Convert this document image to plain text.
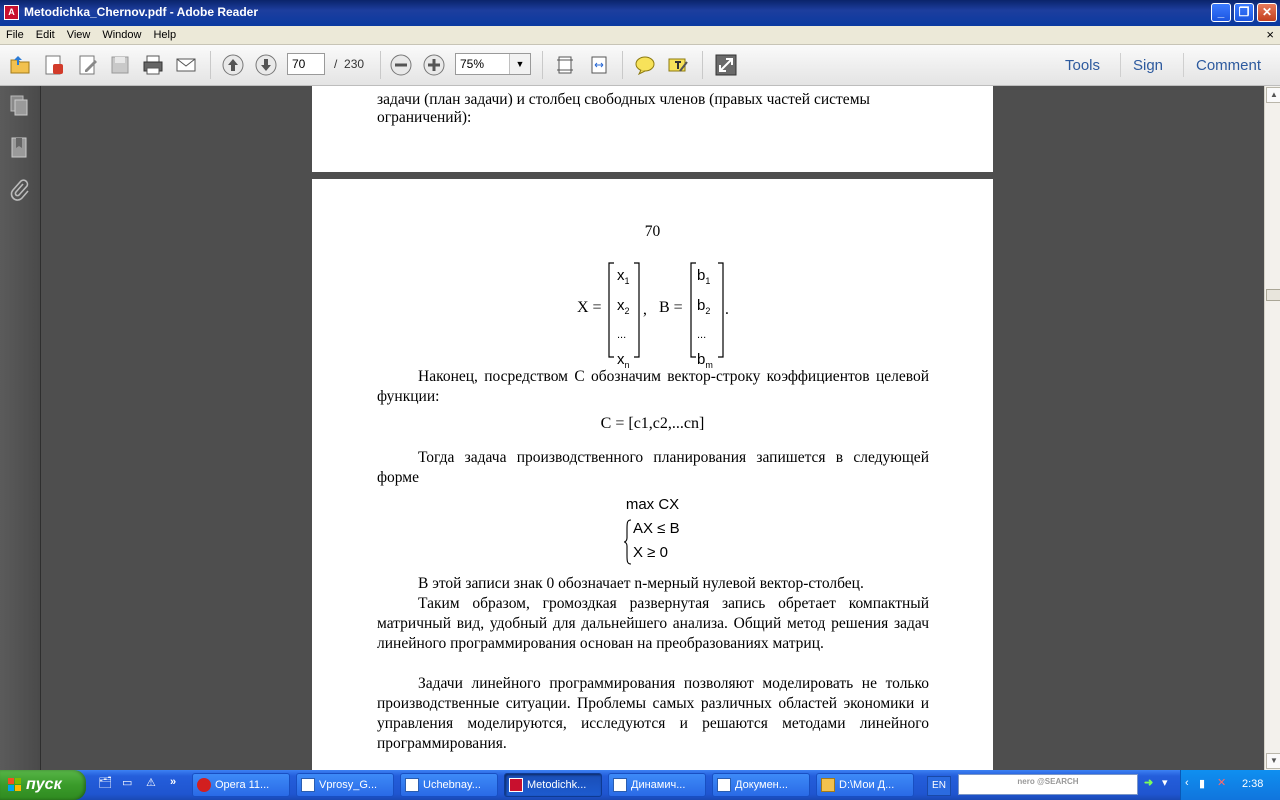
A Metodichka_Chernov.pdf - Adobe Reader	_	❐	✕
File Edit View Window Help	×
70	/ 230	75%	▼	Tools Sign Comment
задачи (план задачи) и столбец свободных членов (правых частей системы
ограничений):
70
X =
$x_1$
$x_2$
...
$x_n$
, B =
$b_1$
$b_2$
...
$b_m$
.
Наконец, посредством C обозначим вектор-строку коэффициентов целевой функции:
C = [c1,c2,...cn]
Тогда задача производственного планирования запишется в следующей форме
max CX
AX ≤ B
X ≥ 0
В этой записи знак 0 обозначает n-мерный нулевой вектор-столбец.
Таким образом, громоздкая развернутая запись обретает компактный матричный вид, удобный для дальнейшего анализа. Общий метод решения задач линейного программирования основан на преобразованиях матриц.
Задачи линейного программирования позволяют моделировать не только производственные ситуации. Проблемы самых различных областей экономики и управления моделируются, исследуются и решаются методами линейного программирования.
▲
▼
пуск	🗂 ▭	⚠	»	Opera 11...	Vprosy_G...	Uchebnay...	Metodichk...	Динамич...	Докумен...	D:\Мои Д...	EN	nero @SEARCH	➜ ▾	‹ ▮ ✕ 2:38
